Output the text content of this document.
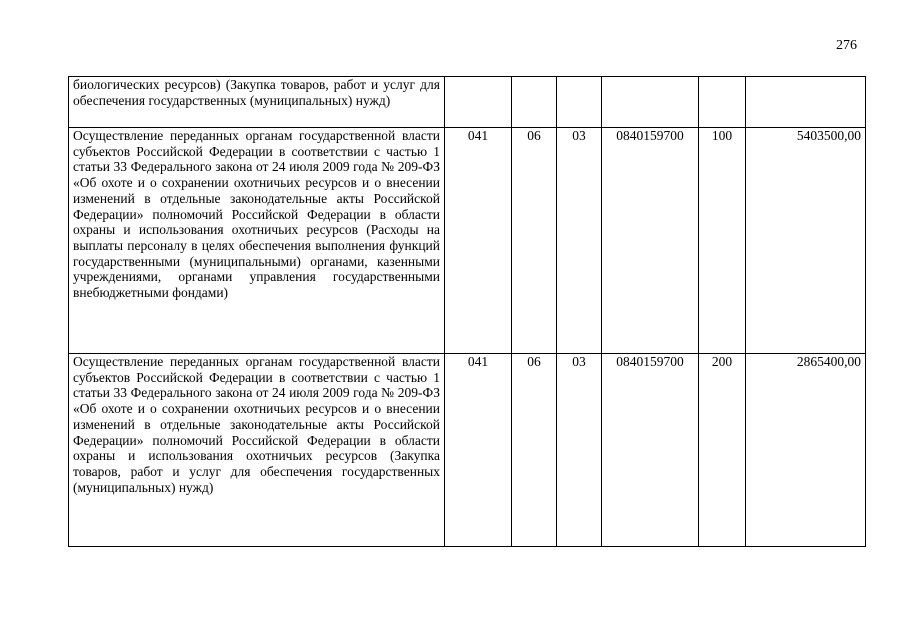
276
биологических ресурсов) (Закупка товаров, работ и услуг для обеспечения государственных (муниципальных) нужд)						
Осуществление переданных органам государственной власти субъектов Российской Федерации в соответствии с частью 1 статьи 33 Федерального закона от 24 июля 2009 года № 209-ФЗ «Об охоте и о сохранении охотничьих ресурсов и о внесении изменений в отдельные законодательные акты Российской Федерации» полномочий Российской Федерации в области охраны и использования охотничьих ресурсов (Расходы на выплаты персоналу в целях обеспечения выполнения функций государственными (муниципальными) органами, казенными учреждениями, органами управления государственными внебюджетными фондами)	041	06	03	0840159700	100	5403500,00
Осуществление переданных органам государственной власти субъектов Российской Федерации в соответствии с частью 1 статьи 33 Федерального закона от 24 июля 2009 года № 209-ФЗ «Об охоте и о сохранении охотничьих ресурсов и о внесении изменений в отдельные законодательные акты Российской Федерации» полномочий Российской Федерации в области охраны и использования охотничьих ресурсов (Закупка товаров, работ и услуг для обеспечения государственных (муниципальных) нужд)	041	06	03	0840159700	200	2865400,00
